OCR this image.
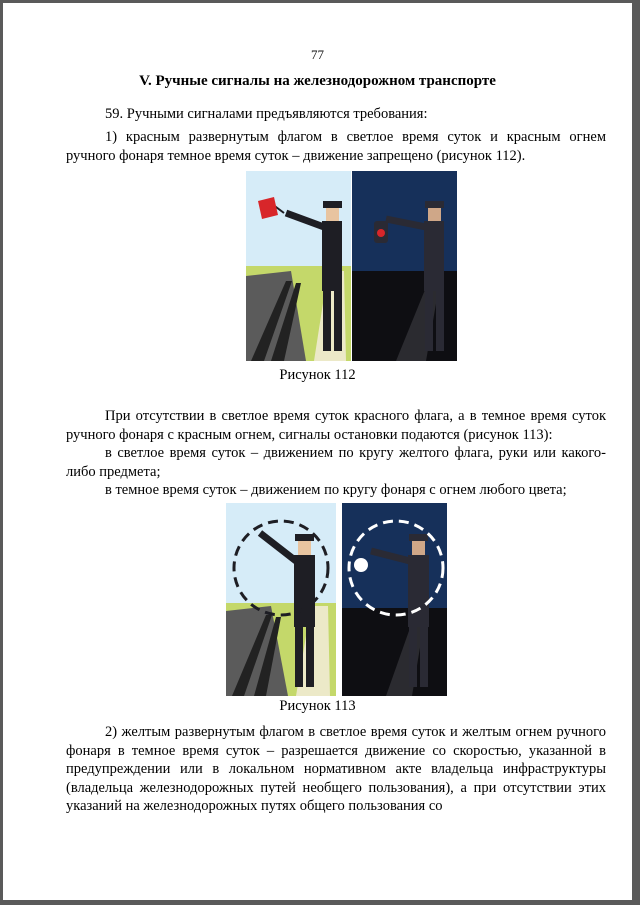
77
V. Ручные сигналы на железнодорожном транспорте
59. Ручными сигналами предъявляются требования:
1) красным развернутым флагом в светлое время суток и красным огнем ручного фонаря темное время суток – движение запрещено (рисунок 112).
Рисунок 112
При отсутствии в светлое время суток красного флага, а в темное время суток ручного фонаря с красным огнем, сигналы остановки подаются (рисунок 113):
в светлое время суток – движением по кругу желтого флага, руки или какого-либо предмета;
в темное время суток – движением по кругу фонаря с огнем любого цвета;
Рисунок 113
2) желтым развернутым флагом в светлое время суток и желтым огнем ручного фонаря в темное время суток – разрешается движение со скоростью, указанной в предупреждении или в локальном нормативном акте владельца инфраструктуры (владельца железнодорожных путей необщего пользования), а при отсутствии этих указаний на железнодорожных путях общего пользования со
